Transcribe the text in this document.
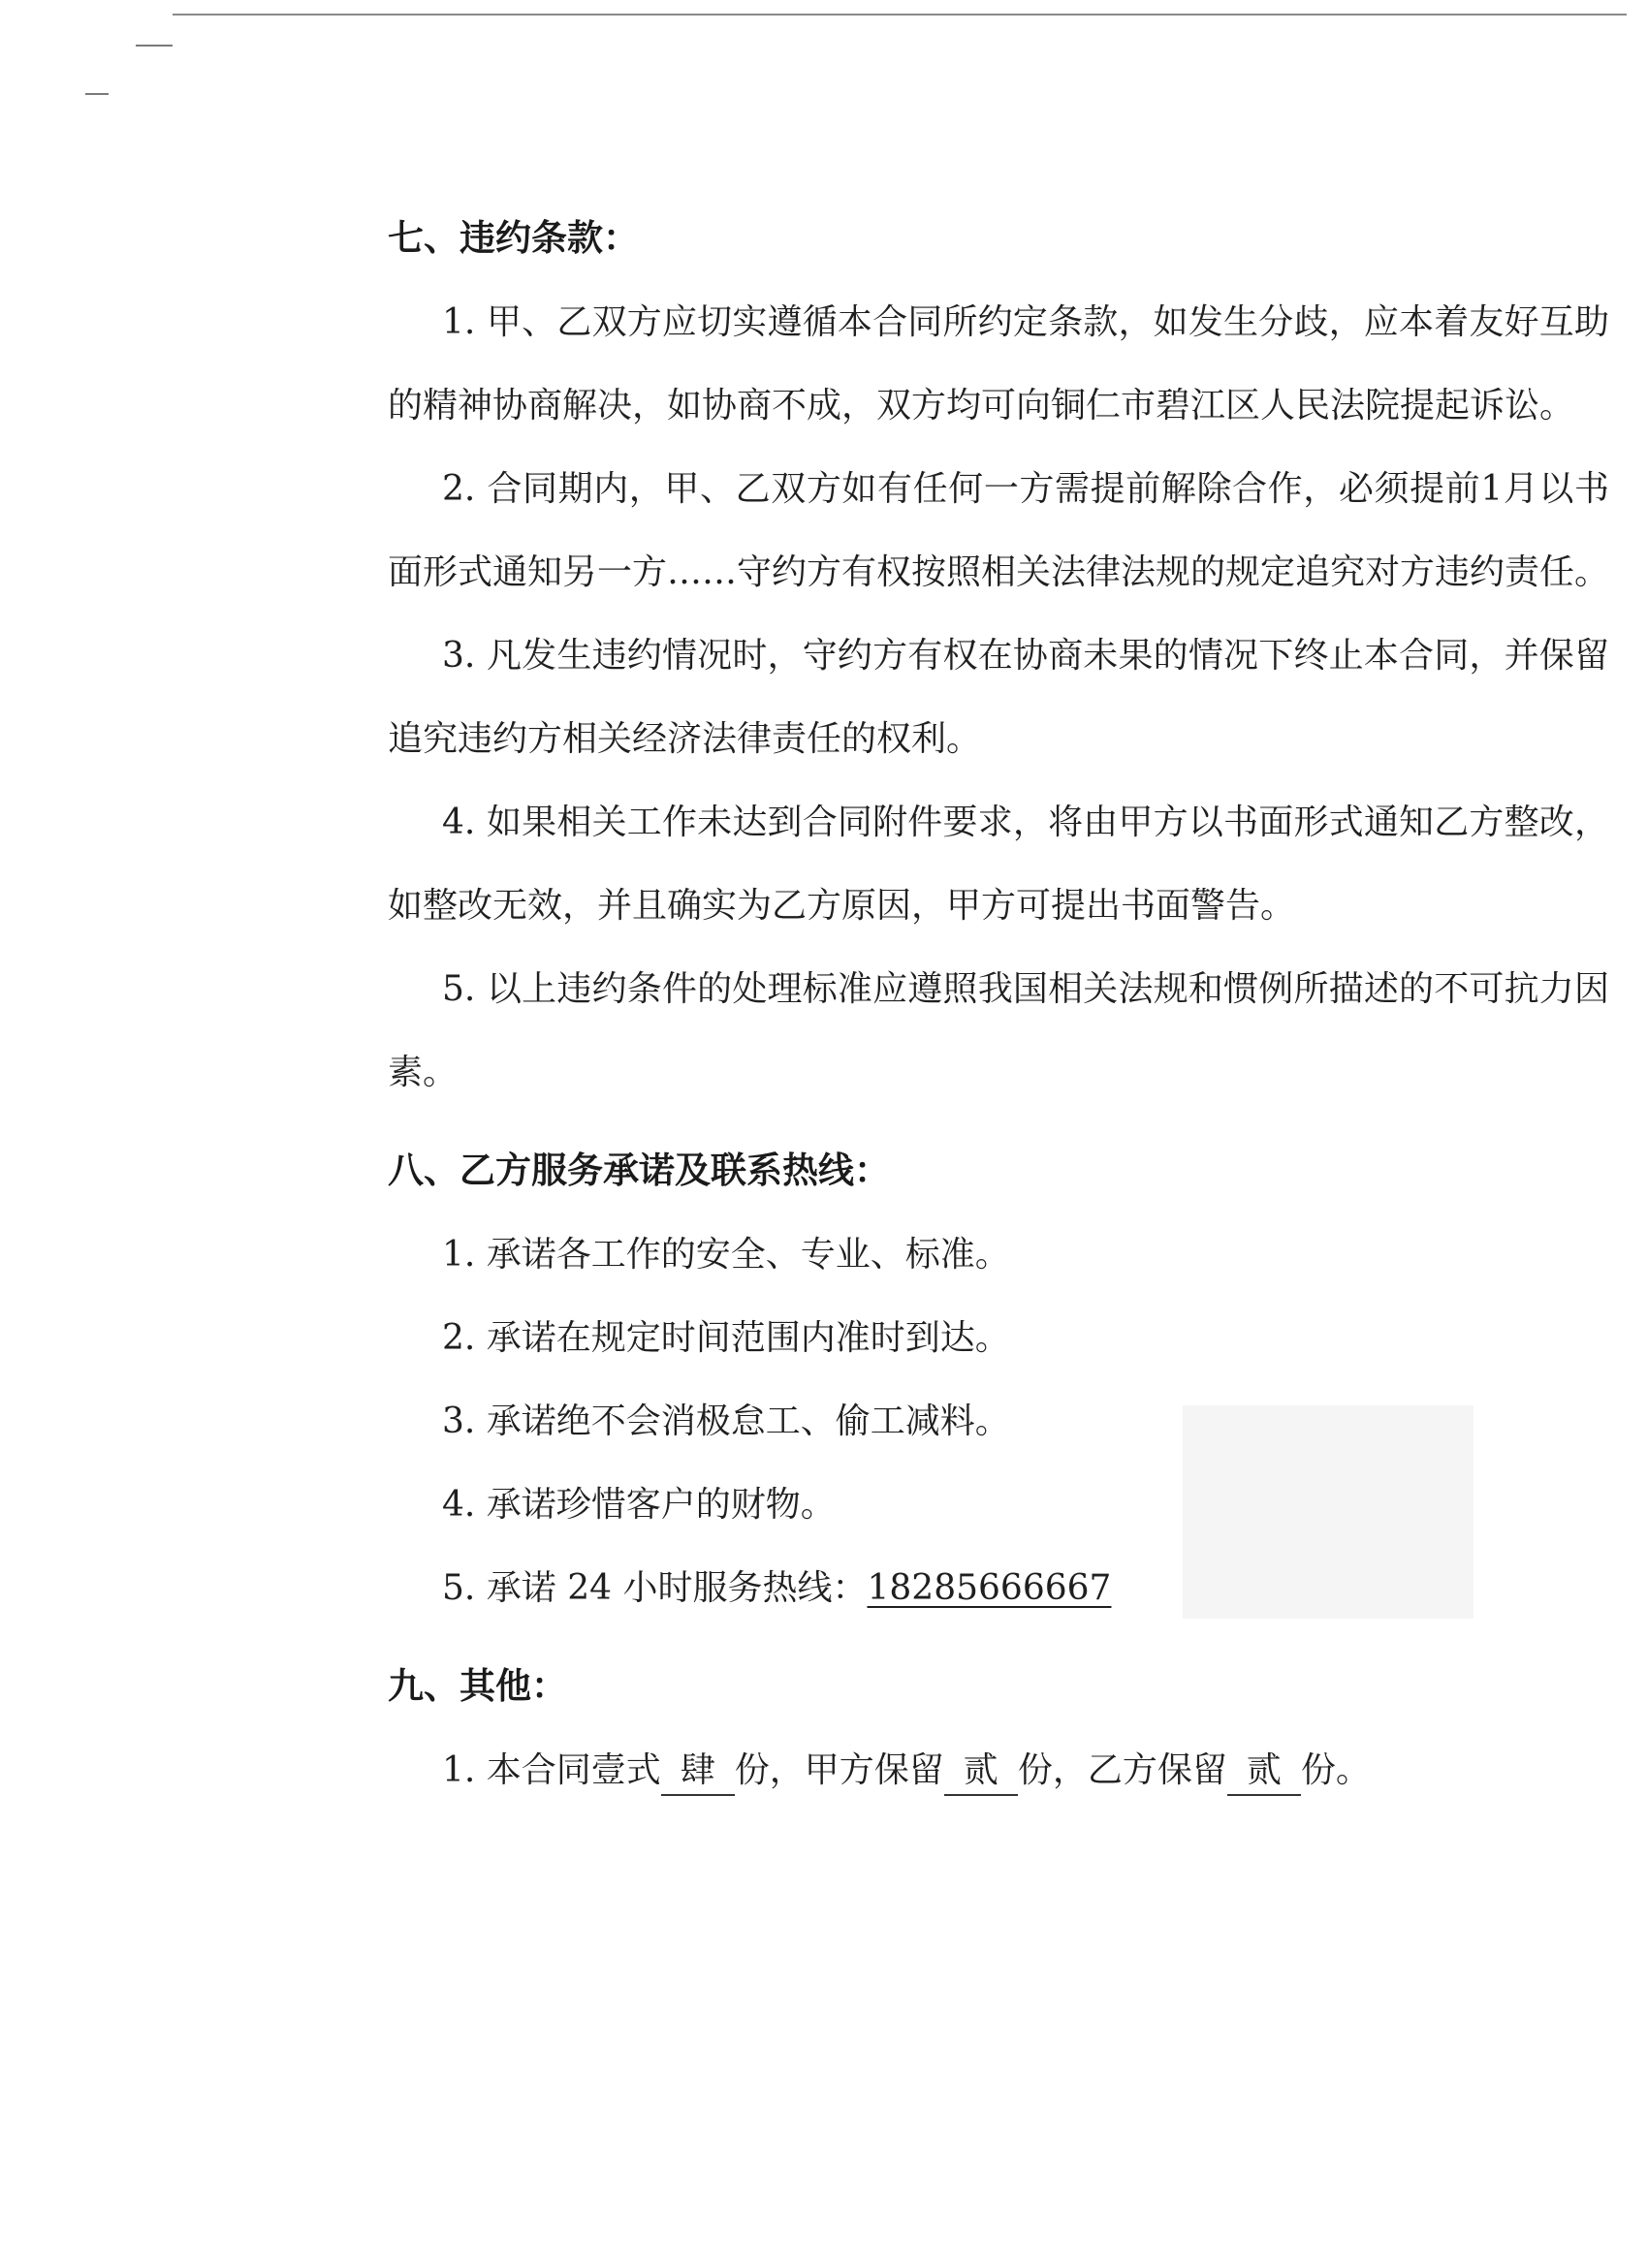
七、违约条款：

1. 甲、乙双方应切实遵循本合同所约定条款，如发生分歧，应本着友好互助的精神协商解决，如协商不成，双方均可向铜仁市碧江区人民法院提起诉讼。

2. 合同期内，甲、乙双方如有任何一方需提前解除合作，必须提前1月以书面形式通知另一方……守约方有权按照相关法律法规的规定追究对方违约责任。

3. 凡发生违约情况时，守约方有权在协商未果的情况下终止本合同，并保留追究违约方相关经济法律责任的权利。

4. 如果相关工作未达到合同附件要求，将由甲方以书面形式通知乙方整改，如整改无效，并且确实为乙方原因，甲方可提出书面警告。

5. 以上违约条件的处理标准应遵照我国相关法规和惯例所描述的不可抗力因素。

八、乙方服务承诺及联系热线：

1. 承诺各工作的安全、专业、标准。

2. 承诺在规定时间范围内准时到达。

3. 承诺绝不会消极怠工、偷工减料。

4. 承诺珍惜客户的财物。

5. 承诺 24 小时服务热线：18285666667

九、其他：

1. 本合同壹式 肆 份，甲方保留 贰 份，乙方保留 贰 份。
